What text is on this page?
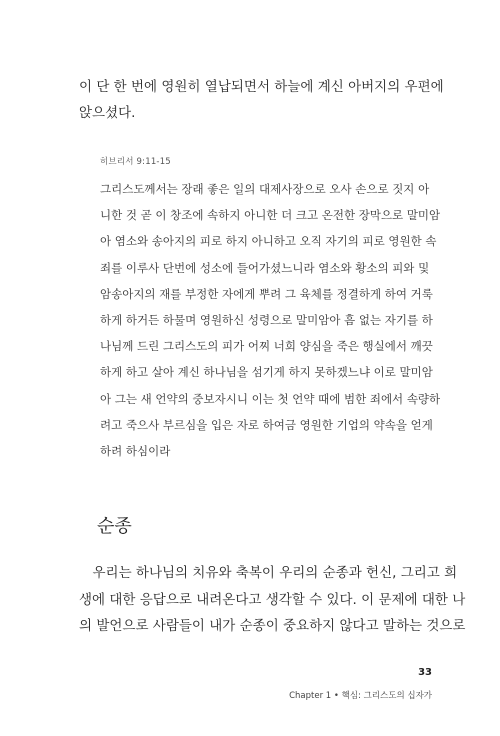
이 단 한 번에 영원히 열납되면서 하늘에 계신 아버지의 우편에 앉으셨다.

히브리서 9:11-15
그리스도께서는 장래 좋은 일의 대제사장으로 오사 손으로 짓지 아
니한 것 곧 이 창조에 속하지 아니한 더 크고 온전한 장막으로 말미암
아 염소와 송아지의 피로 하지 아니하고 오직 자기의 피로 영원한 속
죄를 이루사 단번에 성소에 들어가셨느니라 염소와 황소의 피와 및
암송아지의 재를 부정한 자에게 뿌려 그 육체를 정결하게 하여 거룩
하게 하거든 하물며 영원하신 성령으로 말미암아 흠 없는 자기를 하
나님께 드린 그리스도의 피가 어찌 너희 양심을 죽은 행실에서 깨끗
하게 하고 살아 계신 하나님을 섬기게 하지 못하겠느냐 이로 말미암
아 그는 새 언약의 중보자시니 이는 첫 언약 때에 범한 죄에서 속량하
려고 죽으사 부르심을 입은 자로 하여금 영원한 기업의 약속을 얻게
하려 하심이라
순종
　우리는 하나님의 치유와 축복이 우리의 순종과 헌신, 그리고 희
생에 대한 응답으로 내려온다고 생각할 수 있다. 이 문제에 대한 나
의 발언으로 사람들이 내가 순종이 중요하지 않다고 말하는 것으로
33
Chapter 1 • 핵심: 그리스도의 십자가
